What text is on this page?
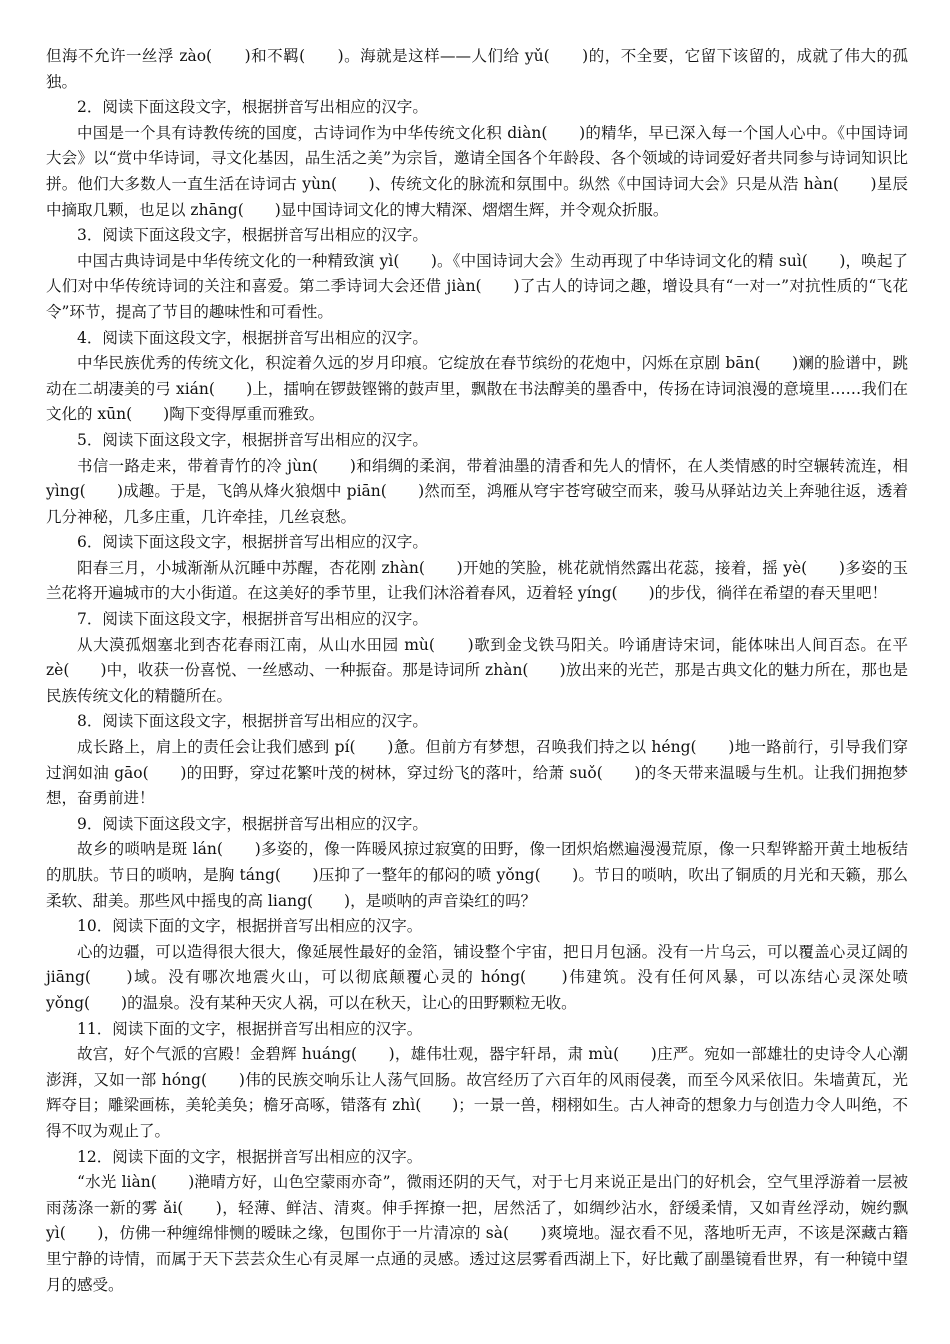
但海不允许一丝浮 zào(　　)和不羁(　　)。海就是这样——人们给 yǔ(　　)的，不全要，它留下该留的，成就了伟大的孤独。

2．阅读下面这段文字，根据拼音写出相应的汉字。

中国是一个具有诗教传统的国度，古诗词作为中华传统文化积 diàn(　　)的精华，早已深入每一个国人心中。《中国诗词大会》以“赏中华诗词，寻文化基因，品生活之美”为宗旨，邀请全国各个年龄段、各个领域的诗词爱好者共同参与诗词知识比拼。他们大多数人一直生活在诗词古 yùn(　　)、传统文化的脉流和氛围中。纵然《中国诗词大会》只是从浩 hàn(　　)星辰中摘取几颗，也足以 zhāng(　　)显中国诗词文化的博大精深、熠熠生辉，并令观众折服。

3．阅读下面这段文字，根据拼音写出相应的汉字。

中国古典诗词是中华传统文化的一种精致演 yì(　　)。《中国诗词大会》生动再现了中华诗词文化的精 suì(　　)，唤起了人们对中华传统诗词的关注和喜爱。第二季诗词大会还借 jiàn(　　)了古人的诗词之趣，增设具有“一对一”对抗性质的“飞花令”环节，提高了节目的趣味性和可看性。

4．阅读下面这段文字，根据拼音写出相应的汉字。

中华民族优秀的传统文化，积淀着久远的岁月印痕。它绽放在春节缤纷的花炮中，闪烁在京剧 bān(　　)斓的脸谱中，跳动在二胡凄美的弓 xián(　　)上，擂响在锣鼓铿锵的鼓声里，飘散在书法醇美的墨香中，传扬在诗词浪漫的意境里……我们在文化的 xūn(　　)陶下变得厚重而雅致。

5．阅读下面这段文字，根据拼音写出相应的汉字。

书信一路走来，带着青竹的冷 jùn(　　)和绢绸的柔润，带着油墨的清香和先人的情怀，在人类情感的时空辗转流连，相 yìng(　　)成趣。于是，飞鸽从烽火狼烟中 piān(　　)然而至，鸿雁从穹宇苍穹破空而来，骏马从驿站边关上奔驰往返，透着几分神秘，几多庄重，几许牵挂，几丝哀愁。

6．阅读下面这段文字，根据拼音写出相应的汉字。

阳春三月，小城渐渐从沉睡中苏醒，杏花刚 zhàn(　　)开她的笑脸，桃花就悄然露出花蕊，接着，摇 yè(　　)多姿的玉兰花将开遍城市的大小街道。在这美好的季节里，让我们沐浴着春风，迈着轻 yíng(　　)的步伐，徜徉在希望的春天里吧！

7．阅读下面这段文字，根据拼音写出相应的汉字。

从大漠孤烟塞北到杏花春雨江南，从山水田园 mù(　　)歌到金戈铁马阳关。吟诵唐诗宋词，能体味出人间百态。在平 zè(　　)中，收获一份喜悦、一丝感动、一种振奋。那是诗词所 zhàn(　　)放出来的光芒，那是古典文化的魅力所在，那也是民族传统文化的精髓所在。

8．阅读下面这段文字，根据拼音写出相应的汉字。

成长路上，肩上的责任会让我们感到 pí(　　)惫。但前方有梦想，召唤我们持之以 héng(　　)地一路前行，引导我们穿过润如油 gāo(　　)的田野，穿过花繁叶茂的树林，穿过纷飞的落叶，给萧 suǒ(　　)的冬天带来温暖与生机。让我们拥抱梦想，奋勇前进！

9．阅读下面这段文字，根据拼音写出相应的汉字。

故乡的唢呐是斑 lán(　　)多姿的，像一阵暖风掠过寂寞的田野，像一团炽焰燃遍漫漫荒原，像一只犁铧豁开黄土地板结的肌肤。节日的唢呐，是胸 táng(　　)压抑了一整年的郁闷的喷 yǒng(　　)。节日的唢呐，吹出了铜质的月光和天籁，那么柔软、甜美。那些风中摇曳的高 liang(　　)，是唢呐的声音染红的吗？

10．阅读下面的文字，根据拼音写出相应的汉字。

心的边疆，可以造得很大很大，像延展性最好的金箔，铺设整个宇宙，把日月包涵。没有一片乌云，可以覆盖心灵辽阔的 jiāng(　　)域。没有哪次地震火山，可以彻底颠覆心灵的 hóng(　　)伟建筑。没有任何风暴，可以冻结心灵深处喷 yǒng(　　)的温泉。没有某种天灾人祸，可以在秋天，让心的田野颗粒无收。

11．阅读下面的文字，根据拼音写出相应的汉字。

故宫，好个气派的宫殿！金碧辉 huáng(　　)，雄伟壮观，器宇轩昂，肃 mù(　　)庄严。宛如一部雄壮的史诗令人心潮澎湃，又如一部 hóng(　　)伟的民族交响乐让人荡气回肠。故宫经历了六百年的风雨侵袭，而至今风采依旧。朱墙黄瓦，光辉夺目；雕梁画栋，美轮美奂；檐牙高啄，错落有 zhì(　　)；一景一兽，栩栩如生。古人神奇的想象力与创造力令人叫绝，不得不叹为观止了。

12．阅读下面的文字，根据拼音写出相应的汉字。

“水光 liàn(　　)滟晴方好，山色空蒙雨亦奇”，微雨还阴的天气，对于七月来说正是出门的好机会，空气里浮游着一层被雨荡涤一新的雾 ǎi(　　)，轻薄、鲜洁、清爽。伸手挥撩一把，居然活了，如绸纱沾水，舒缓柔情，又如青丝浮动，婉约飘 yì(　　)，仿佛一种缠绵悱恻的暧昧之缘，包围你于一片清凉的 sà(　　)爽境地。湿衣看不见，落地听无声，不该是深藏古籍里宁静的诗情，而属于天下芸芸众生心有灵犀一点通的灵感。透过这层雾看西湖上下，好比戴了副墨镜看世界，有一种镜中望月的感受。
